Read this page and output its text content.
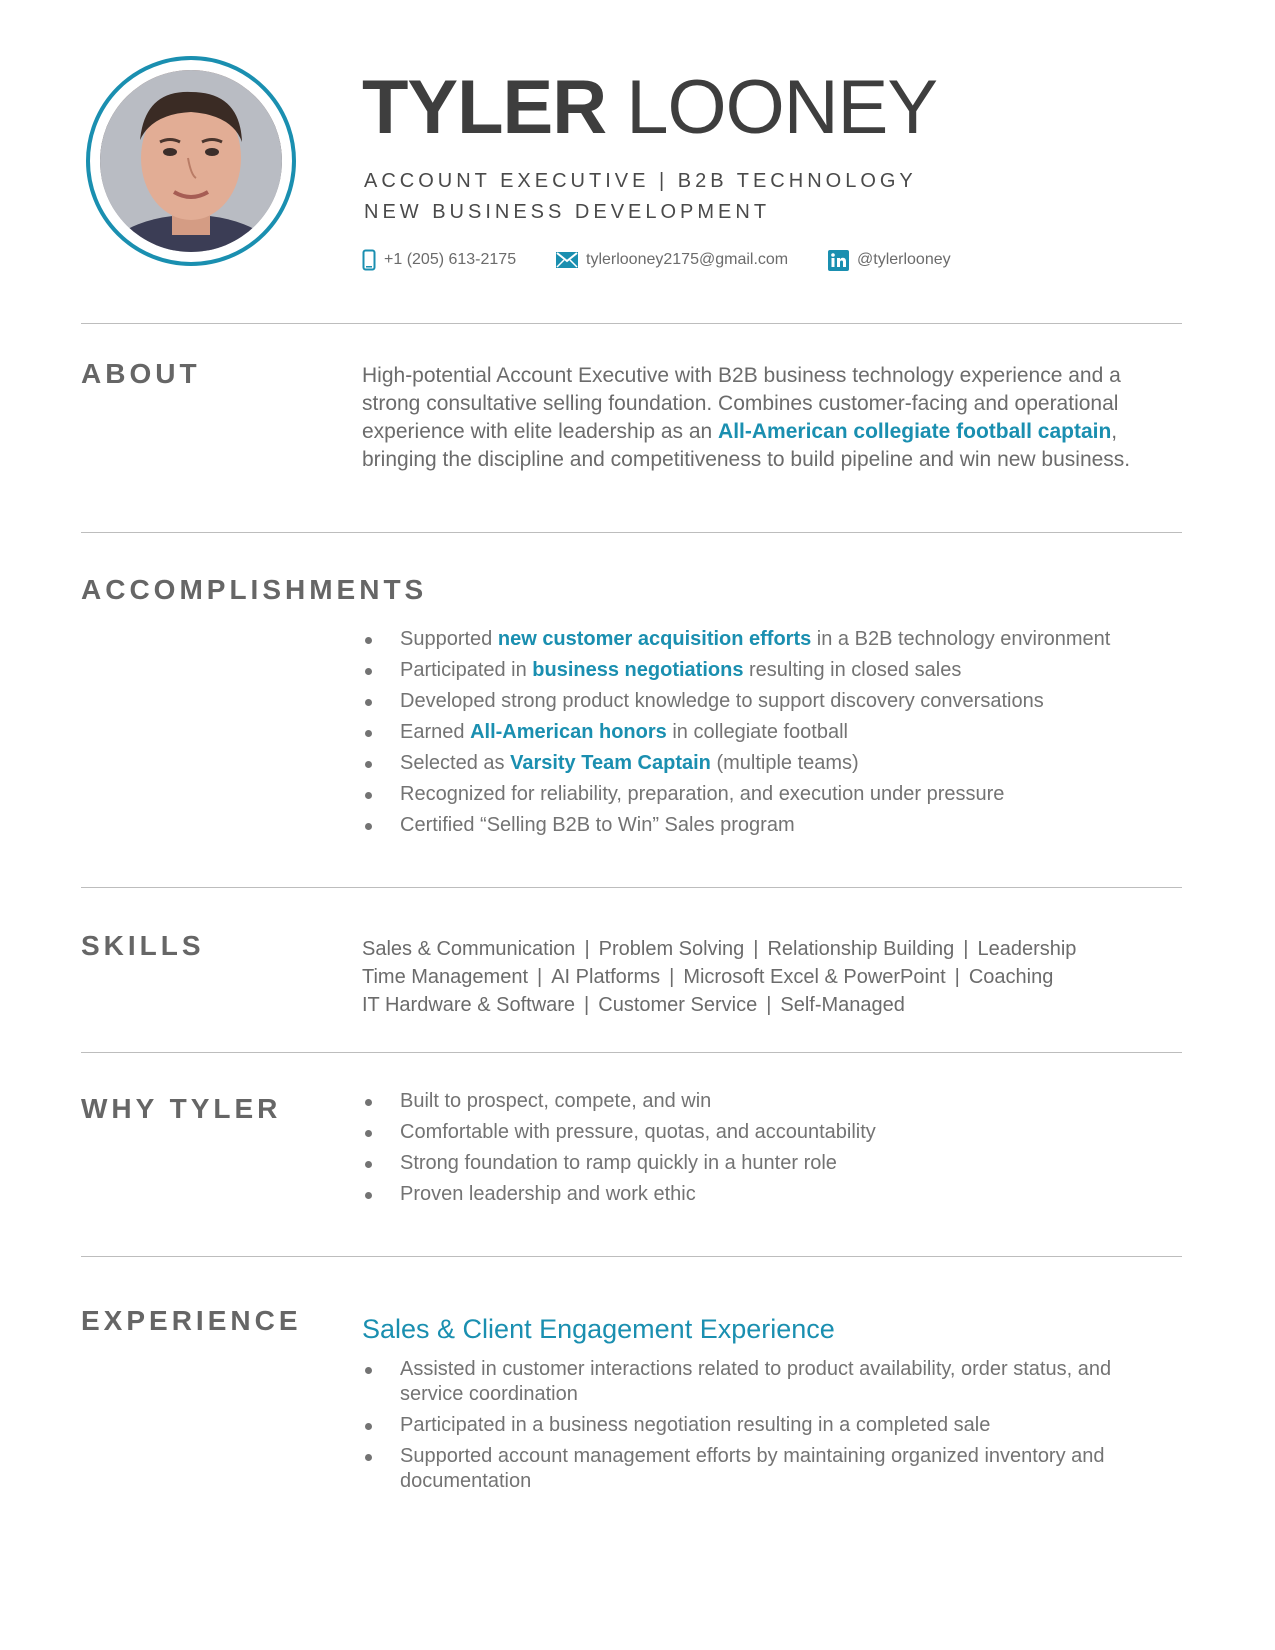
TYLER LOONEY

ACCOUNT EXECUTIVE | B2B TECHNOLOGY

NEW BUSINESS DEVELOPMENT

+1 (205) 613-2175	tylerlooney2175@gmail.com	@tylerlooney
ABOUT	High-potential Account Executive with B2B business technology experience and a strong consultative selling foundation. Combines customer-facing and operational experience with elite leadership as an All-American collegiate football captain, bringing the discipline and competitiveness to build pipeline and win new business.

ACCOMPLISHMENTS
Supported new customer acquisition efforts in a B2B technology environment
Participated in business negotiations resulting in closed sales
Developed strong product knowledge to support discovery conversations
Earned All-American honors in collegiate football
Selected as Varsity Team Captain (multiple teams)
Recognized for reliability, preparation, and execution under pressure
Certified “Selling B2B to Win” Sales program
SKILLS	Sales & Communication | Problem Solving | Relationship Building | Leadership
Time Management | AI Platforms | Microsoft Excel & PowerPoint | Coaching
IT Hardware & Software | Customer Service | Self-Managed
WHY TYLER	Built to prospect, compete, and win
Comfortable with pressure, quotas, and accountability
Strong foundation to ramp quickly in a hunter role
Proven leadership and work ethic
EXPERIENCE Sales & Client Engagement Experience
Assisted in customer interactions related to product availability, order status, and service coordination
Participated in a business negotiation resulting in a completed sale
Supported account management efforts by maintaining organized inventory and documentation
